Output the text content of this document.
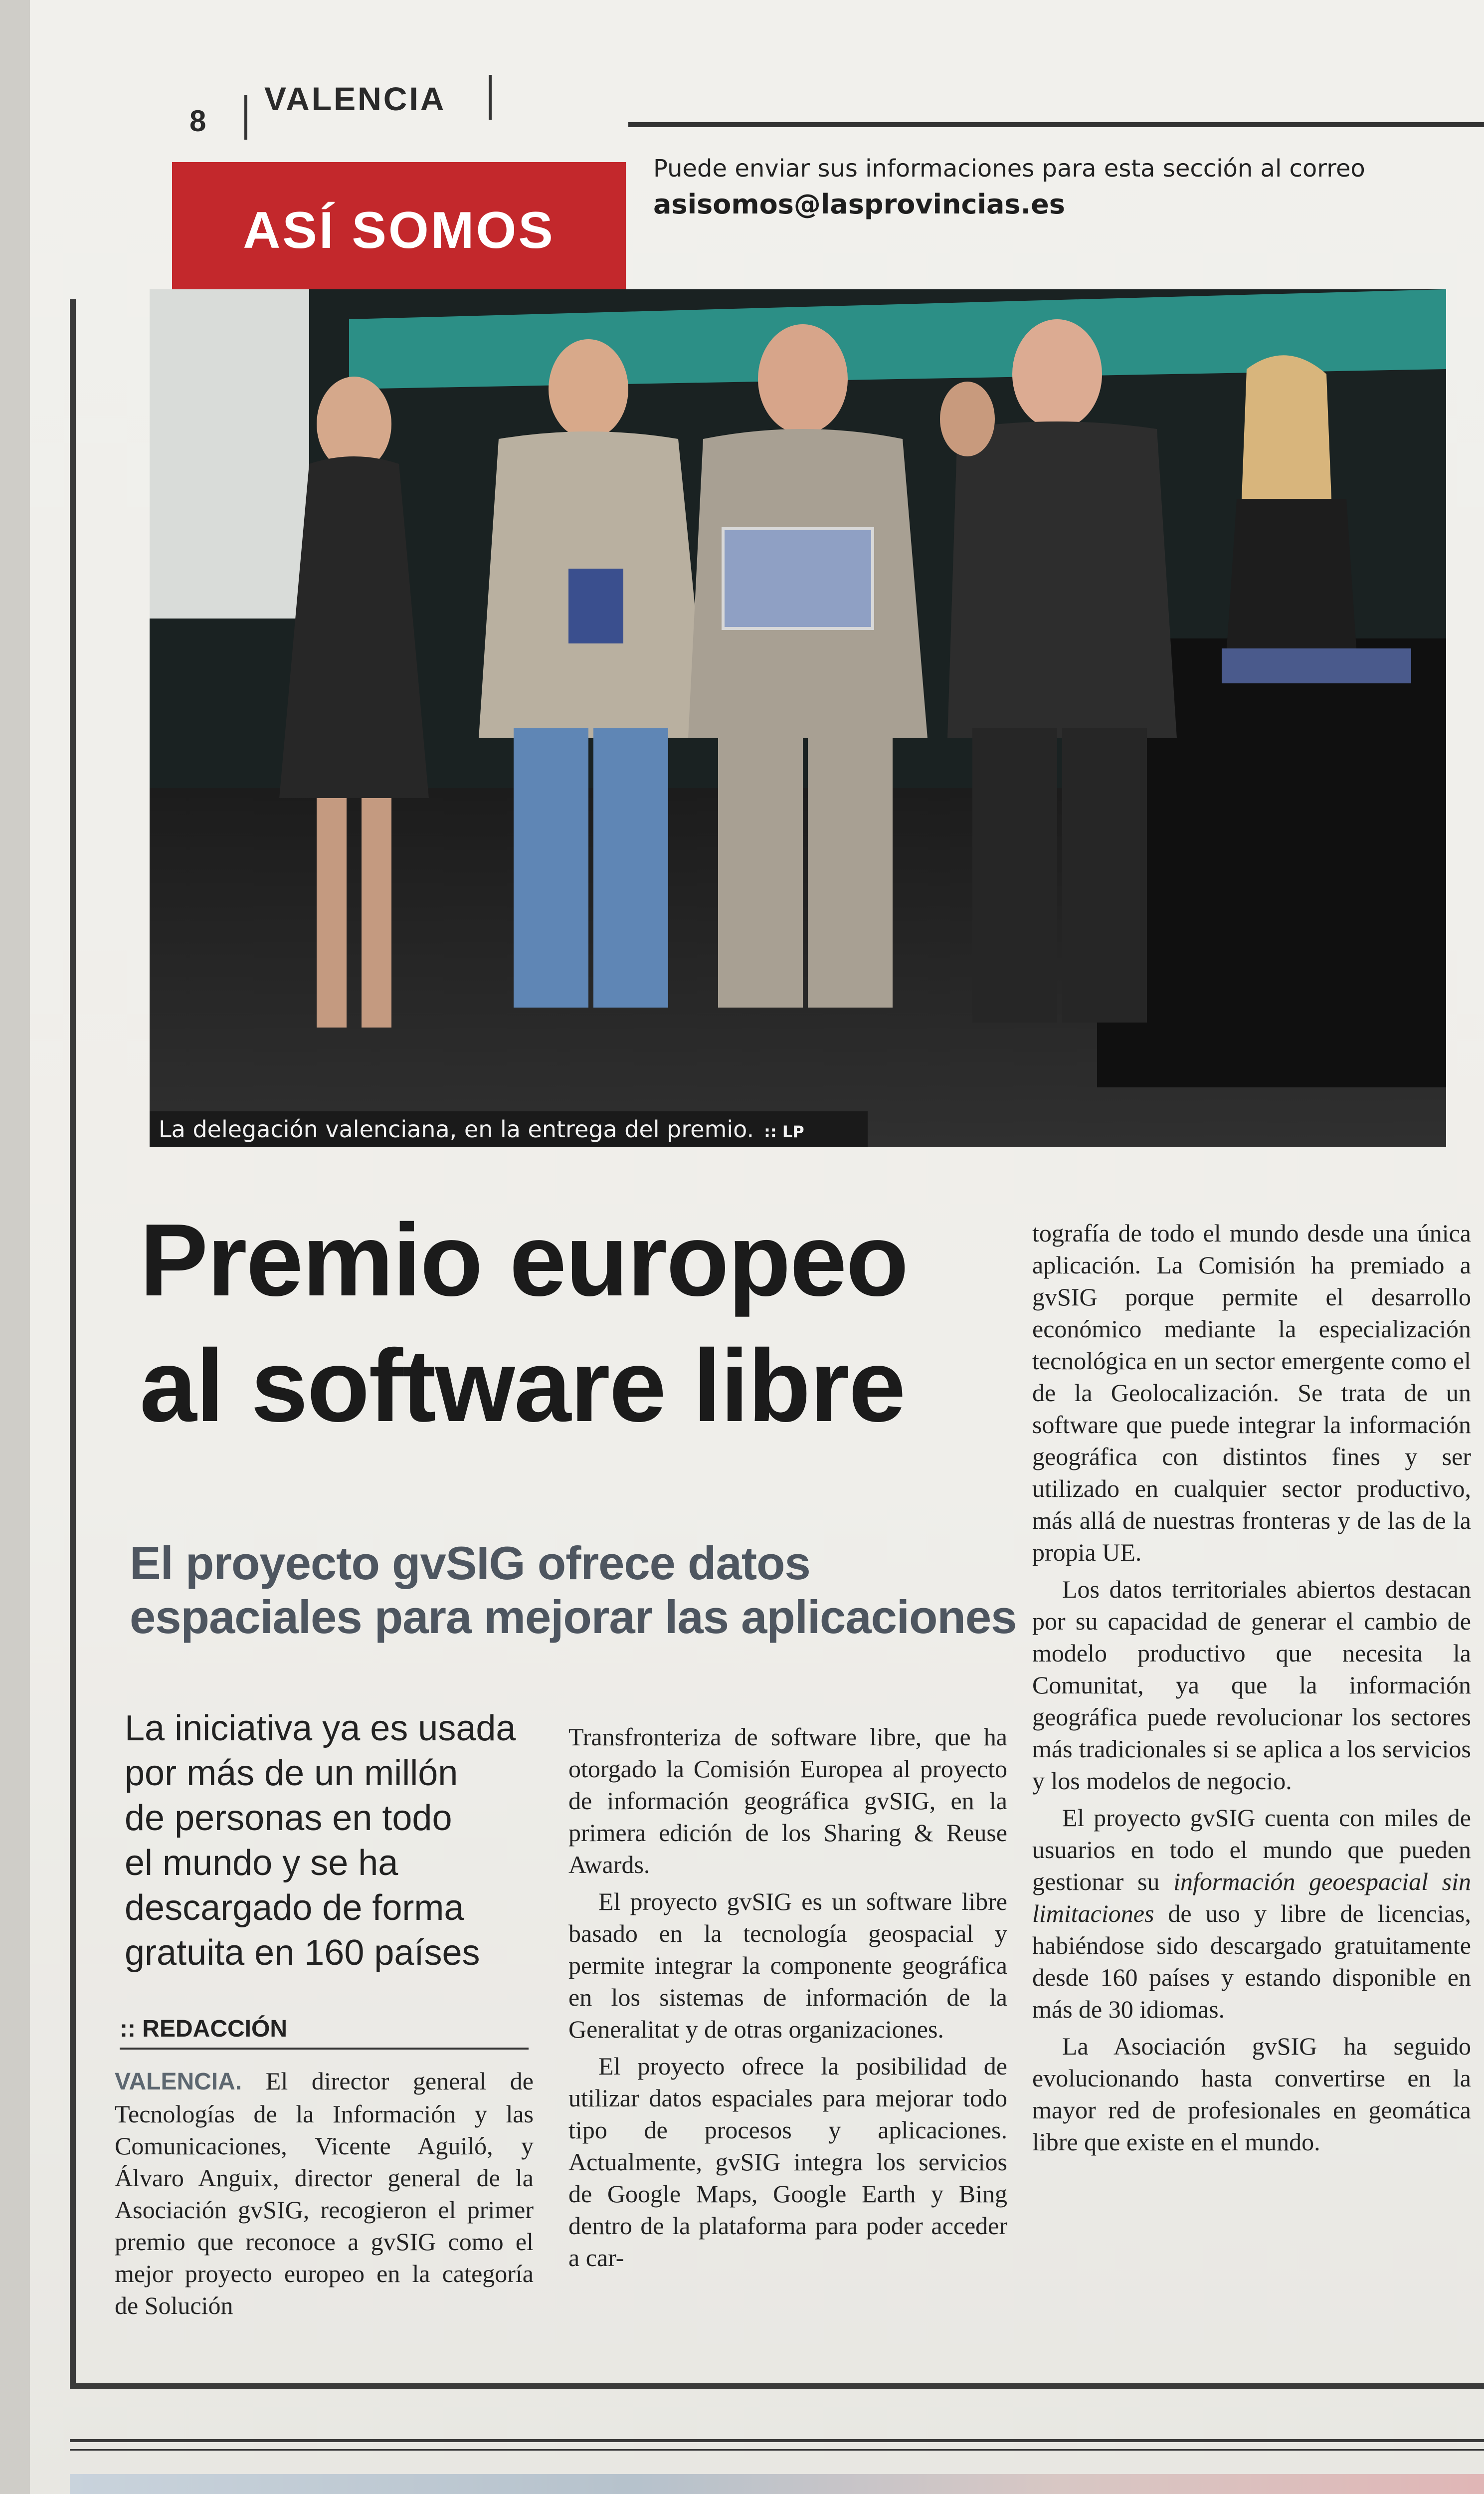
8
VALENCIA
ASÍ SOMOS
Puede enviar sus informaciones para esta sección al correo
asisomos@lasprovincias.es
La delegación valenciana, en la entrega del premio. :: LP
Premio europeo
al software libre
El proyecto gvSIG ofrece datos
espaciales para mejorar las aplicaciones
La iniciativa ya es usada
por más de un millón
de personas en todo
el mundo y se ha
descargado de forma
gratuita en 160 países
:: REDACCIÓN

VALENCIA. El director general de Tecnologías de la Información y las Comunicaciones, Vicente Aguiló, y Álvaro Anguix, director general de la Asociación gvSIG, recogieron el primer premio que reconoce a gvSIG como el mejor proyecto europeo en la categoría de Solución

Transfronteriza de software libre, que ha otorgado la Comisión Europea al proyecto de información geográfica gvSIG, en la primera edición de los Sharing & Reuse Awards.

El proyecto gvSIG es un software libre basado en la tecnología geospacial y permite integrar la componente geográfica en los sistemas de información de la Generalitat y de otras organizaciones.

El proyecto ofrece la posibilidad de utilizar datos espaciales para mejorar todo tipo de procesos y aplicaciones. Actualmente, gvSIG integra los servicios de Google Maps, Google Earth y Bing dentro de la plataforma para poder acceder a car-

tografía de todo el mundo desde una única aplicación. La Comisión ha premiado a gvSIG porque permite el desarrollo económico mediante la especialización tecnológica en un sector emergente como el de la Geolocalización. Se trata de un software que puede integrar la información geográfica con distintos fines y ser utilizado en cualquier sector productivo, más allá de nuestras fronteras y de las de la propia UE.

Los datos territoriales abiertos destacan por su capacidad de generar el cambio de modelo productivo que necesita la Comunitat, ya que la información geográfica puede revolucionar los sectores más tradicionales si se aplica a los servicios y los modelos de negocio.

El proyecto gvSIG cuenta con miles de usuarios en todo el mundo que pueden gestionar su información geoespacial sin limitaciones de uso y libre de licencias, habiéndose sido descargado gratuitamente desde 160 países y estando disponible en más de 30 idiomas.

La Asociación gvSIG ha seguido evolucionando hasta convertirse en la mayor red de profesionales en geomática libre que existe en el mundo.
